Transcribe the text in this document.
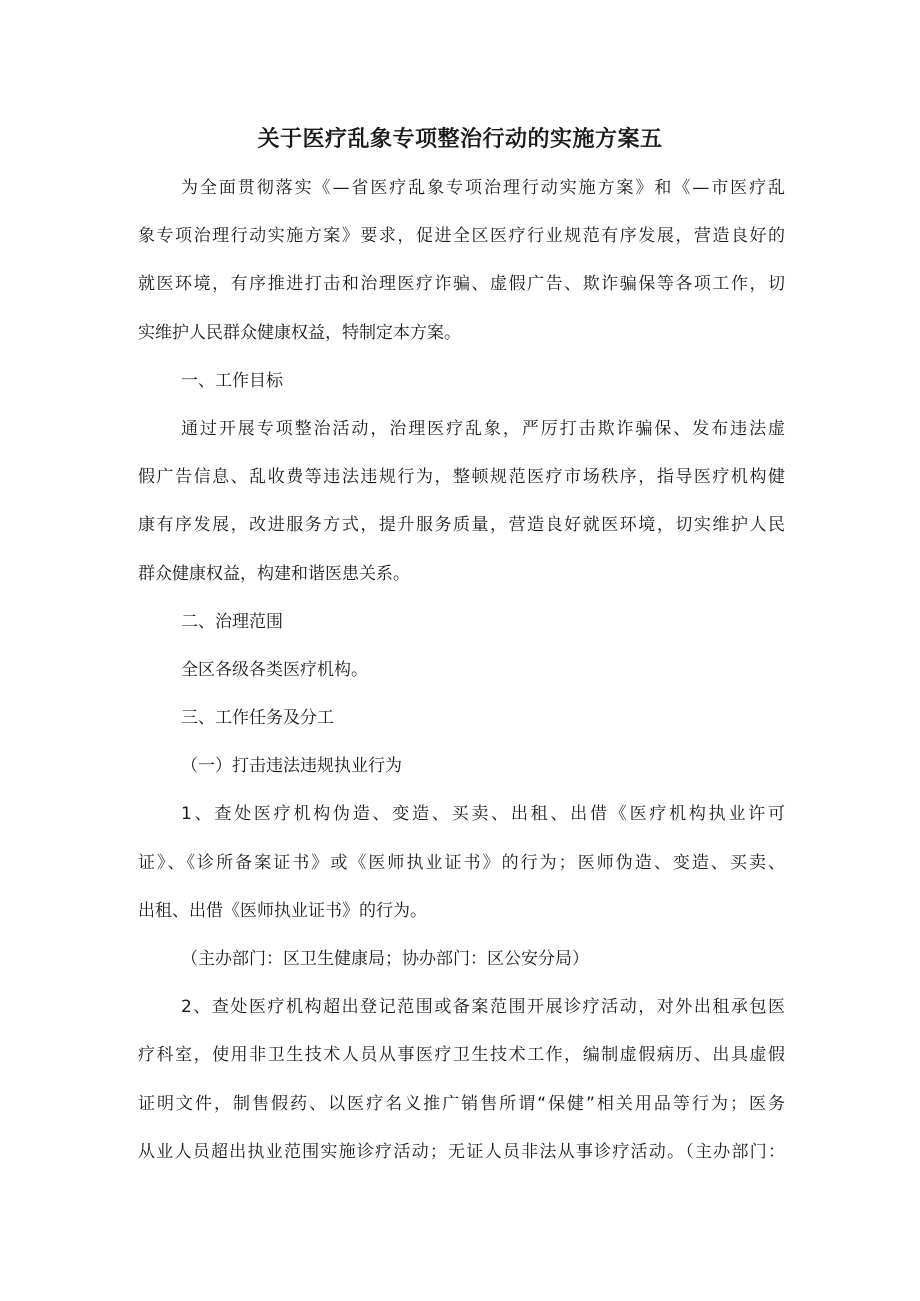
关于医疗乱象专项整治行动的实施方案五
为全面贯彻落实《—省医疗乱象专项治理行动实施方案》和《—市医疗乱
象专项治理行动实施方案》要求，促进全区医疗行业规范有序发展，营造良好的
就医环境，有序推进打击和治理医疗诈骗、虚假广告、欺诈骗保等各项工作，切
实维护人民群众健康权益，特制定本方案。
一、工作目标
通过开展专项整治活动，治理医疗乱象，严厉打击欺诈骗保、发布违法虚
假广告信息、乱收费等违法违规行为，整顿规范医疗市场秩序，指导医疗机构健
康有序发展，改进服务方式，提升服务质量，营造良好就医环境，切实维护人民
群众健康权益，构建和谐医患关系。
二、治理范围
全区各级各类医疗机构。
三、工作任务及分工
（一）打击违法违规执业行为
1、查处医疗机构伪造、变造、买卖、出租、出借《医疗机构执业许可
证》、《诊所备案证书》或《医师执业证书》的行为；医师伪造、变造、买卖、
出租、出借《医师执业证书》的行为。
（主办部门：区卫生健康局；协办部门：区公安分局）
2、查处医疗机构超出登记范围或备案范围开展诊疗活动，对外出租承包医
疗科室，使用非卫生技术人员从事医疗卫生技术工作，编制虚假病历、出具虚假
证明文件，制售假药、以医疗名义推广销售所谓“保健”相关用品等行为；医务
从业人员超出执业范围实施诊疗活动；无证人员非法从事诊疗活动。（主办部门：
